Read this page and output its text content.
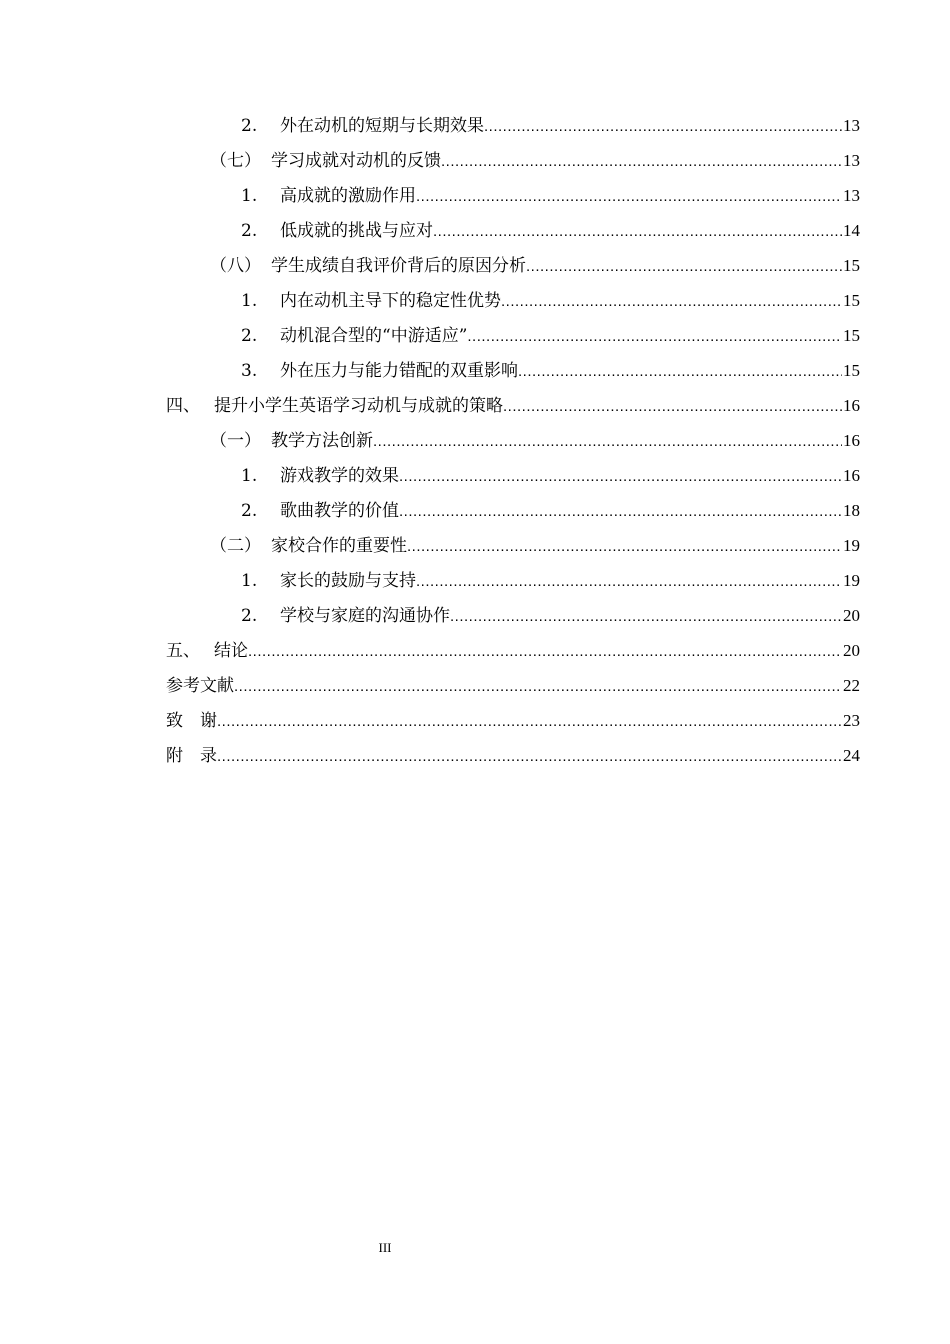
2.	外在动机的短期与长期效果 .....	13
（七） 学习成就对动机的反馈 .....	13
1.	高成就的激励作用 .....	13
2.	低成就的挑战与应对 .....	14
（八） 学生成绩自我评价背后的原因分析 .....	15
1.	内在动机主导下的稳定性优势 .....	15
2.	动机混合型的“中游适应” .....	15
3.	外在压力与能力错配的双重影响 .....	15
四、 提升小学生英语学习动机与成就的策略 .....	16
（一） 教学方法创新 .....	16
1.	游戏教学的效果 .....	16
2.	歌曲教学的价值 .....	18
（二） 家校合作的重要性 .....	19
1.	家长的鼓励与支持 .....	19
2.	学校与家庭的沟通协作 .....	20
五、 结论 .....	20
参考文献 .....	22
致　谢 .....	23
附　录 .....	24
III
